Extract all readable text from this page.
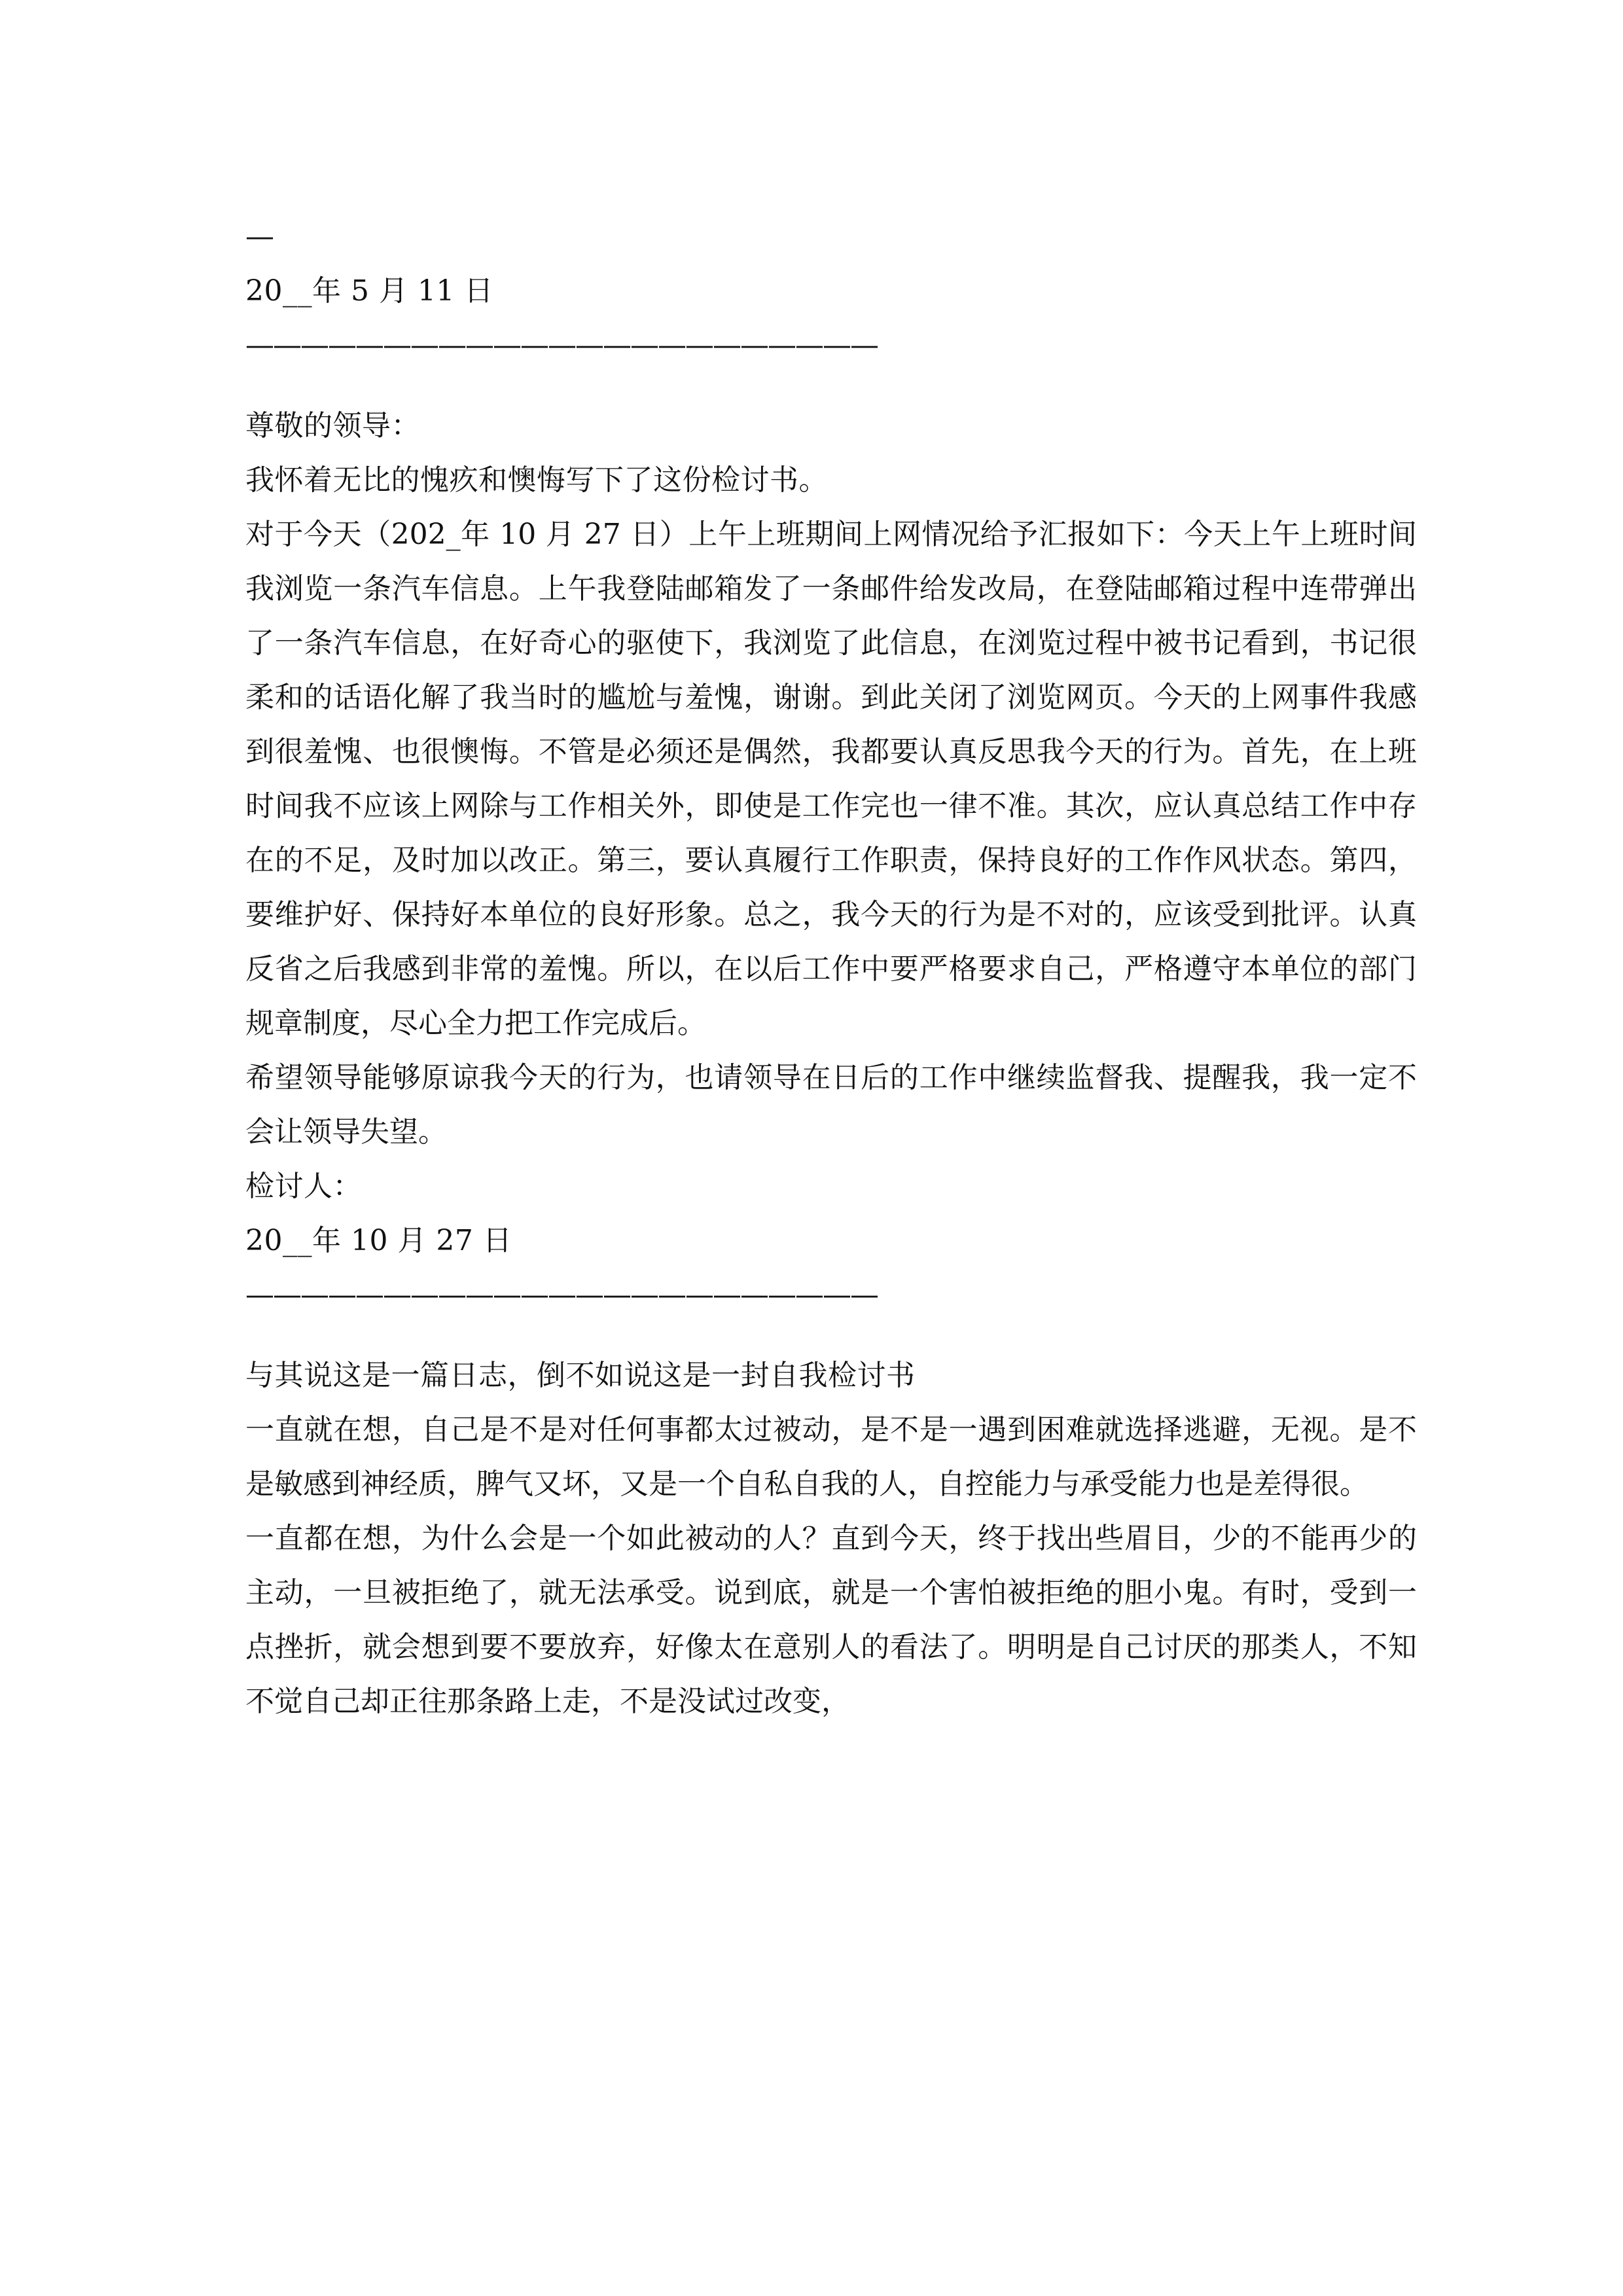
—
20__年 5 月 11 日
———————————————————————
尊敬的领导：
我怀着无比的愧疚和懊悔写下了这份检讨书。
对于今天（202_年 10 月 27 日）上午上班期间上网情况给予汇报如下：今天上午上班时间我浏览一条汽车信息。上午我登陆邮箱发了一条邮件给发改局，在登陆邮箱过程中连带弹出了一条汽车信息，在好奇心的驱使下，我浏览了此信息，在浏览过程中被书记看到，书记很柔和的话语化解了我当时的尴尬与羞愧，谢谢。到此关闭了浏览网页。今天的上网事件我感到很羞愧、也很懊悔。不管是必须还是偶然，我都要认真反思我今天的行为。首先，在上班时间我不应该上网除与工作相关外，即使是工作完也一律不准。其次，应认真总结工作中存在的不足，及时加以改正。第三，要认真履行工作职责，保持良好的工作作风状态。第四，要维护好、保持好本单位的良好形象。总之，我今天的行为是不对的，应该受到批评。认真反省之后我感到非常的羞愧。所以，在以后工作中要严格要求自己，严格遵守本单位的部门规章制度，尽心全力把工作完成后。
希望领导能够原谅我今天的行为，也请领导在日后的工作中继续监督我、提醒我，我一定不会让领导失望。
检讨人：
20__年 10 月 27 日
———————————————————————
与其说这是一篇日志，倒不如说这是一封自我检讨书
一直就在想，自己是不是对任何事都太过被动，是不是一遇到困难就选择逃避，无视。是不是敏感到神经质，脾气又坏，又是一个自私自我的人，自控能力与承受能力也是差得很。
一直都在想，为什么会是一个如此被动的人？直到今天，终于找出些眉目，少的不能再少的主动，一旦被拒绝了，就无法承受。说到底，就是一个害怕被拒绝的胆小鬼。有时，受到一点挫折，就会想到要不要放弃，好像太在意别人的看法了。明明是自己讨厌的那类人，不知不觉自己却正往那条路上走，不是没试过改变，
